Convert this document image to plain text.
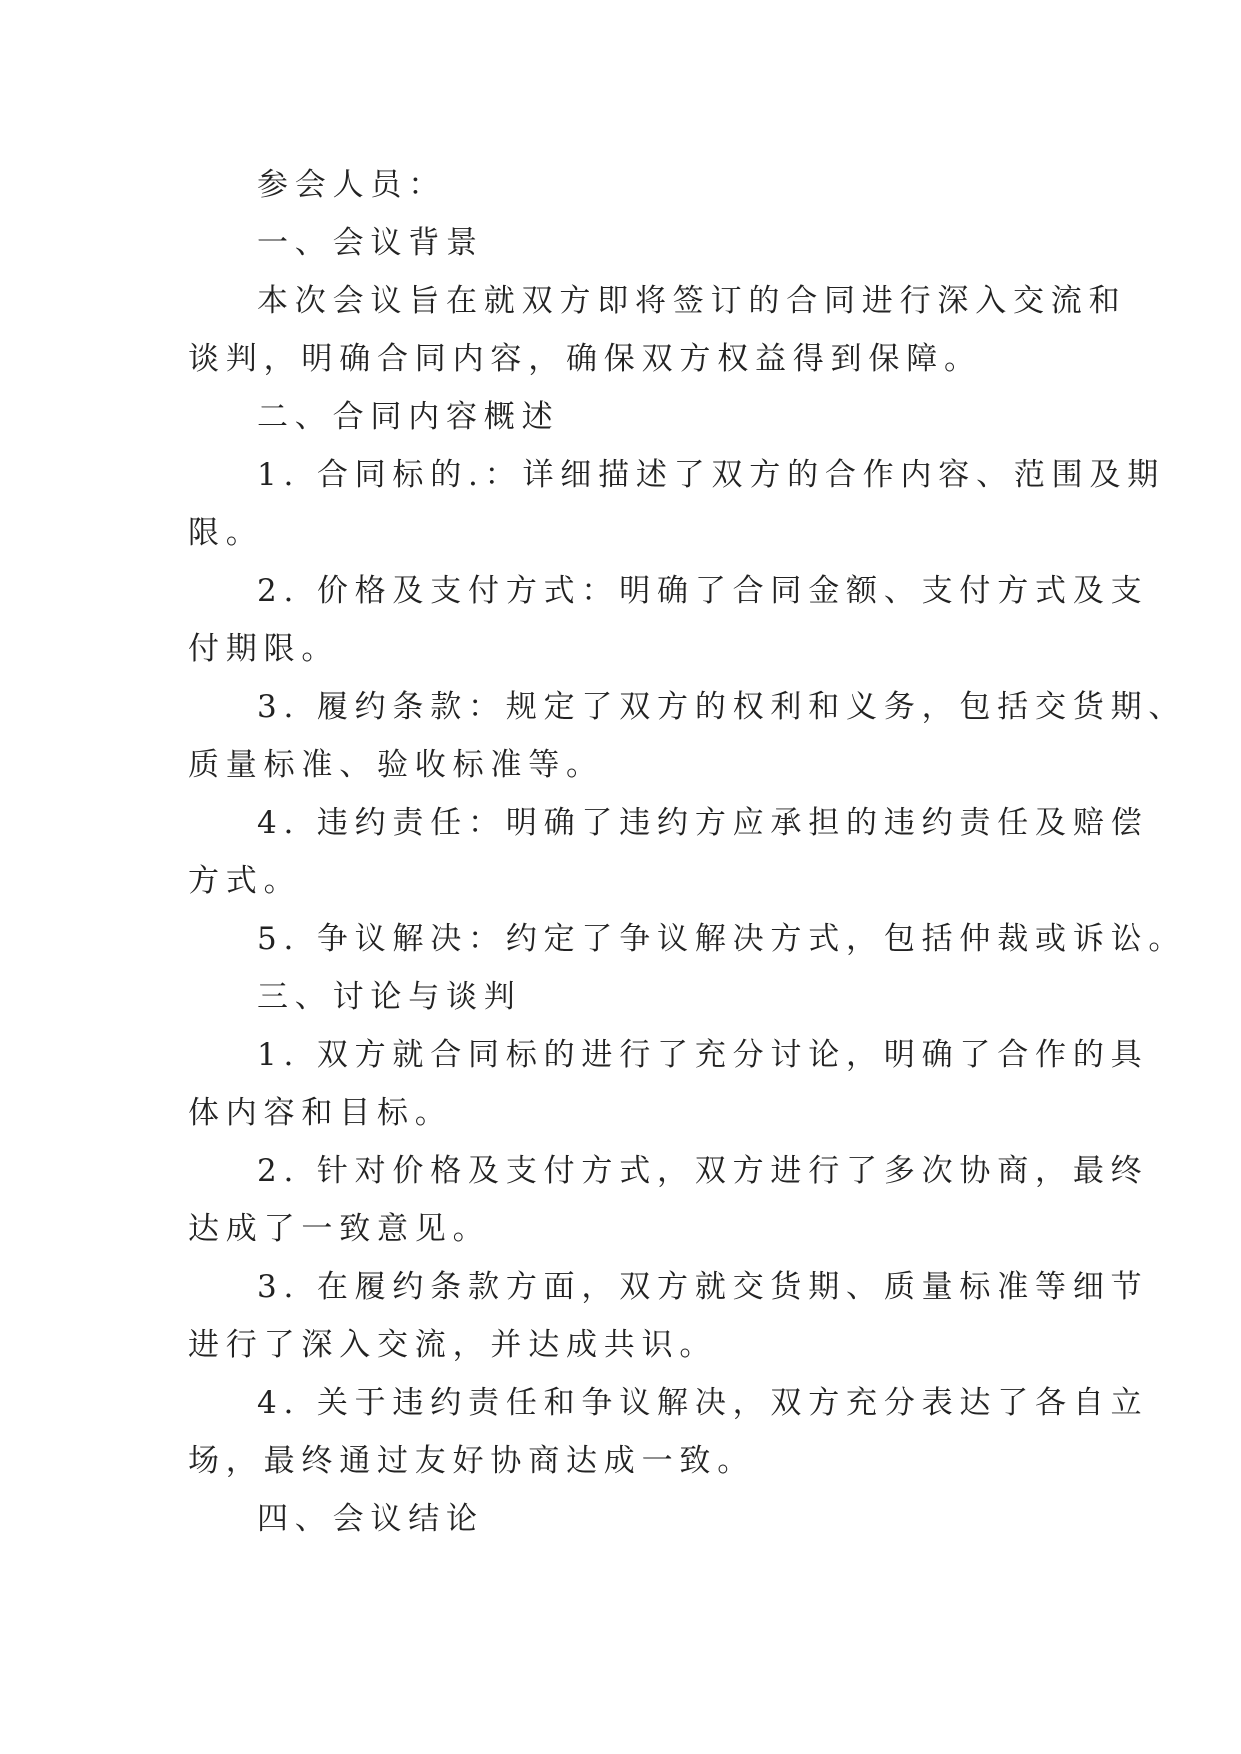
参会人员：

一、会议背景

本次会议旨在就双方即将签订的合同进行深入交流和

谈判，明确合同内容，确保双方权益得到保障。

二、合同内容概述

1. 合同标的.：详细描述了双方的合作内容、范围及期

限。

2. 价格及支付方式：明确了合同金额、支付方式及支

付期限。

3. 履约条款：规定了双方的权利和义务，包括交货期、

质量标准、验收标准等。

4. 违约责任：明确了违约方应承担的违约责任及赔偿

方式。

5. 争议解决：约定了争议解决方式，包括仲裁或诉讼。

三、讨论与谈判

1. 双方就合同标的进行了充分讨论，明确了合作的具

体内容和目标。

2. 针对价格及支付方式，双方进行了多次协商，最终

达成了一致意见。

3. 在履约条款方面，双方就交货期、质量标准等细节

进行了深入交流，并达成共识。

4. 关于违约责任和争议解决，双方充分表达了各自立

场，最终通过友好协商达成一致。

四、会议结论
